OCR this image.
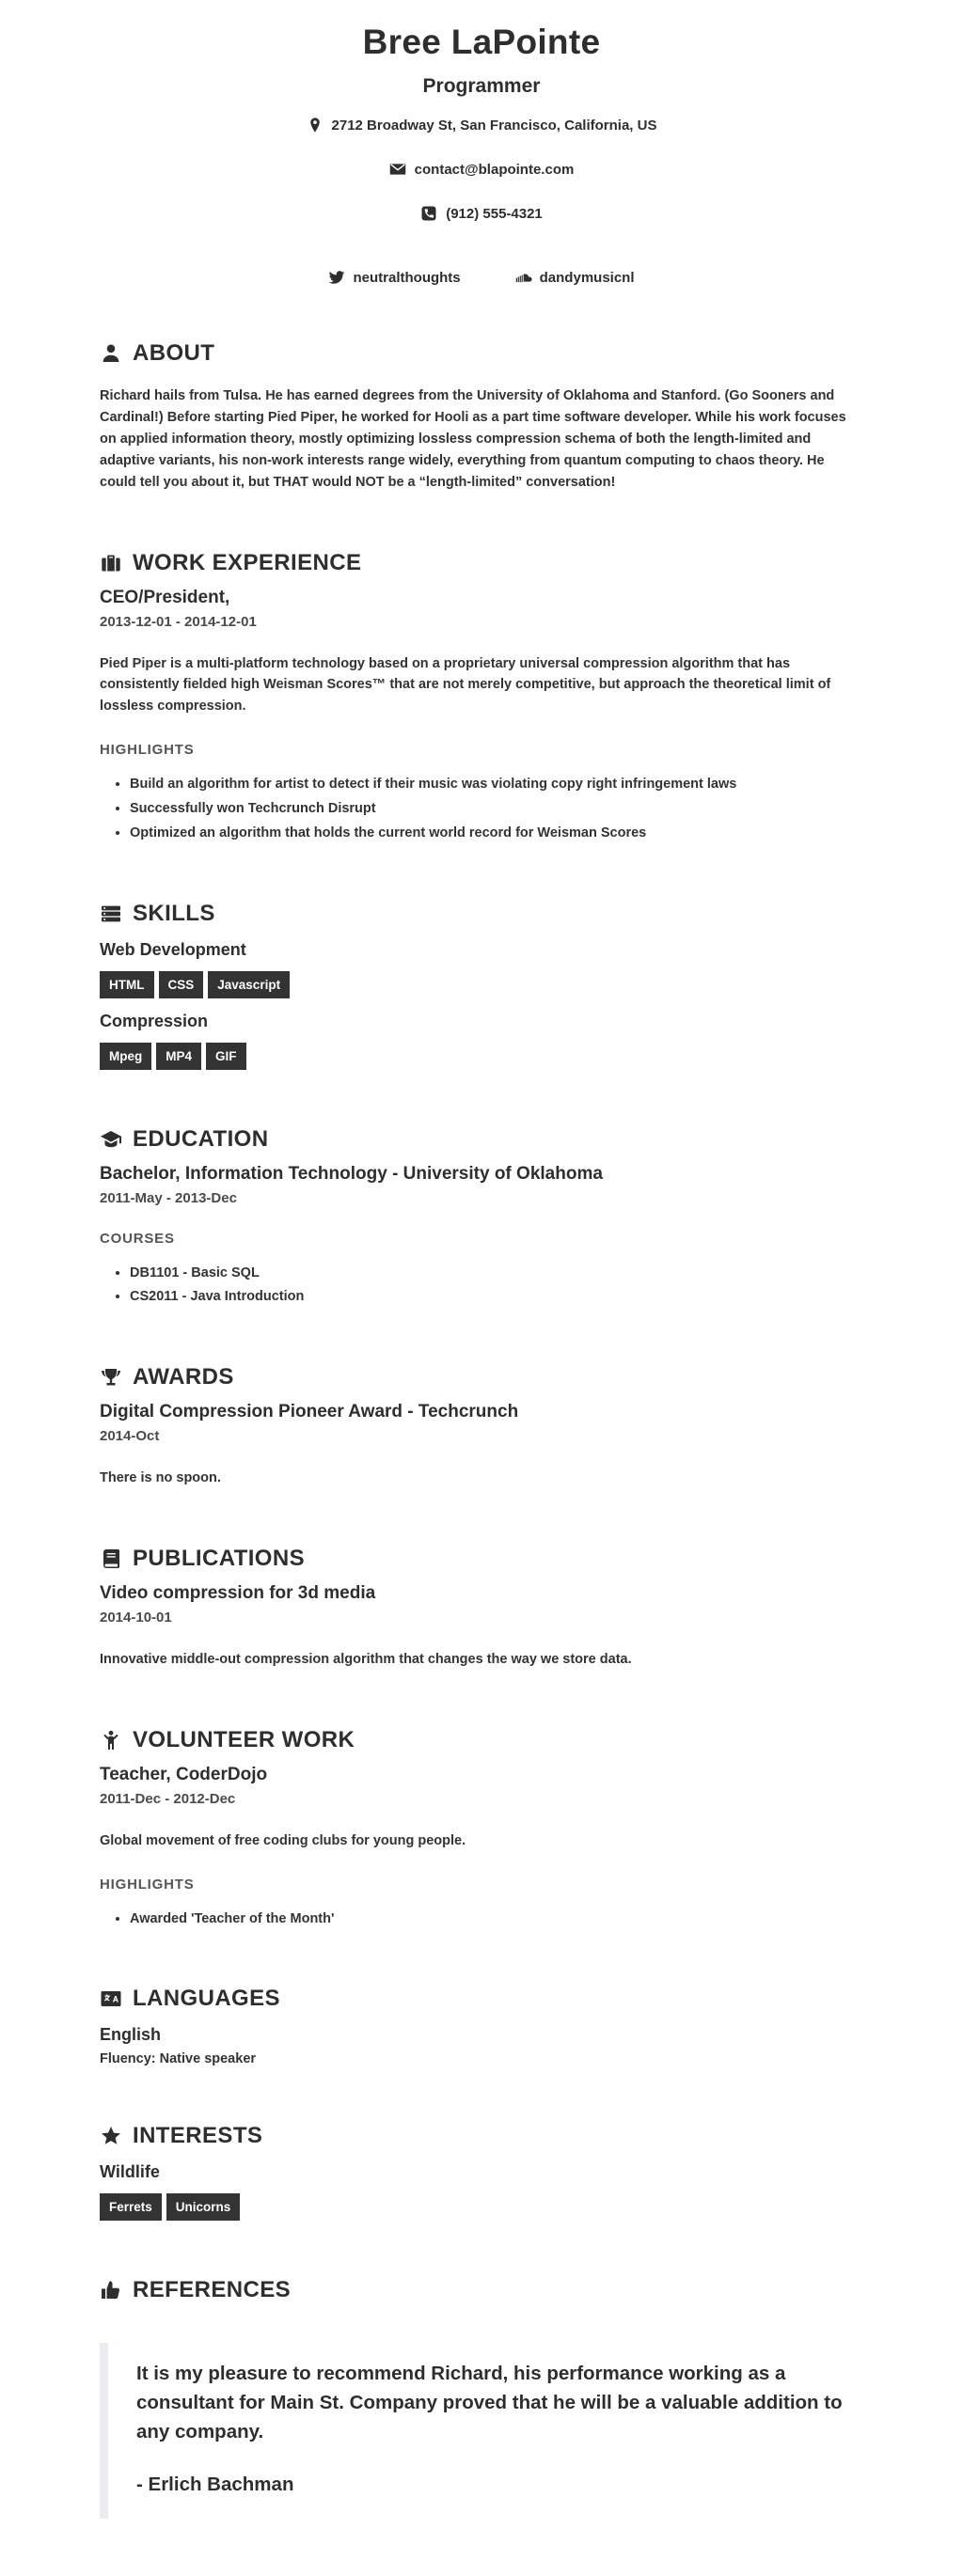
Bree LaPointe
Programmer
2712 Broadway St, San Francisco, California, US
contact@blapointe.com
(912) 555-4321
neutralthoughts	dandymusicnl
ABOUT

Richard hails from Tulsa. He has earned degrees from the University of Oklahoma and Stanford. (Go Sooners and Cardinal!) Before starting Pied Piper, he worked for Hooli as a part time software developer. While his work focuses on applied information theory, mostly optimizing lossless compression schema of both the length-limited and adaptive variants, his non-work interests range widely, everything from quantum computing to chaos theory. He could tell you about it, but THAT would NOT be a “length-limited” conversation!

WORK EXPERIENCE

CEO/President,

2013-12-01 - 2014-12-01

Pied Piper is a multi-platform technology based on a proprietary universal compression algorithm that has consistently fielded high Weisman Scores™ that are not merely competitive, but approach the theoretical limit of lossless compression.

HIGHLIGHTS

• Build an algorithm for artist to detect if their music was violating copy right infringement laws
• Successfully won Techcrunch Disrupt
• Optimized an algorithm that holds the current world record for Weisman Scores
SKILLS

Web Development

HTML	CSS	Javascript

Compression

Mpeg	MP4	GIF
EDUCATION

Bachelor, Information Technology - University of Oklahoma

2011-May - 2013-Dec

COURSES

• DB1101 - Basic SQL
• CS2011 - Java Introduction
AWARDS

Digital Compression Pioneer Award - Techcrunch

2014-Oct

There is no spoon.

PUBLICATIONS

Video compression for 3d media

2014-10-01

Innovative middle-out compression algorithm that changes the way we store data.

VOLUNTEER WORK

Teacher, CoderDojo

2011-Dec - 2012-Dec

Global movement of free coding clubs for young people.

HIGHLIGHTS

• Awarded 'Teacher of the Month'
LANGUAGES

English

Fluency: Native speaker

INTERESTS

Wildlife

Ferrets	Unicorns
REFERENCES

It is my pleasure to recommend Richard, his performance working as a consultant for Main St. Company proved that he will be a valuable addition to any company.

- Erlich Bachman
